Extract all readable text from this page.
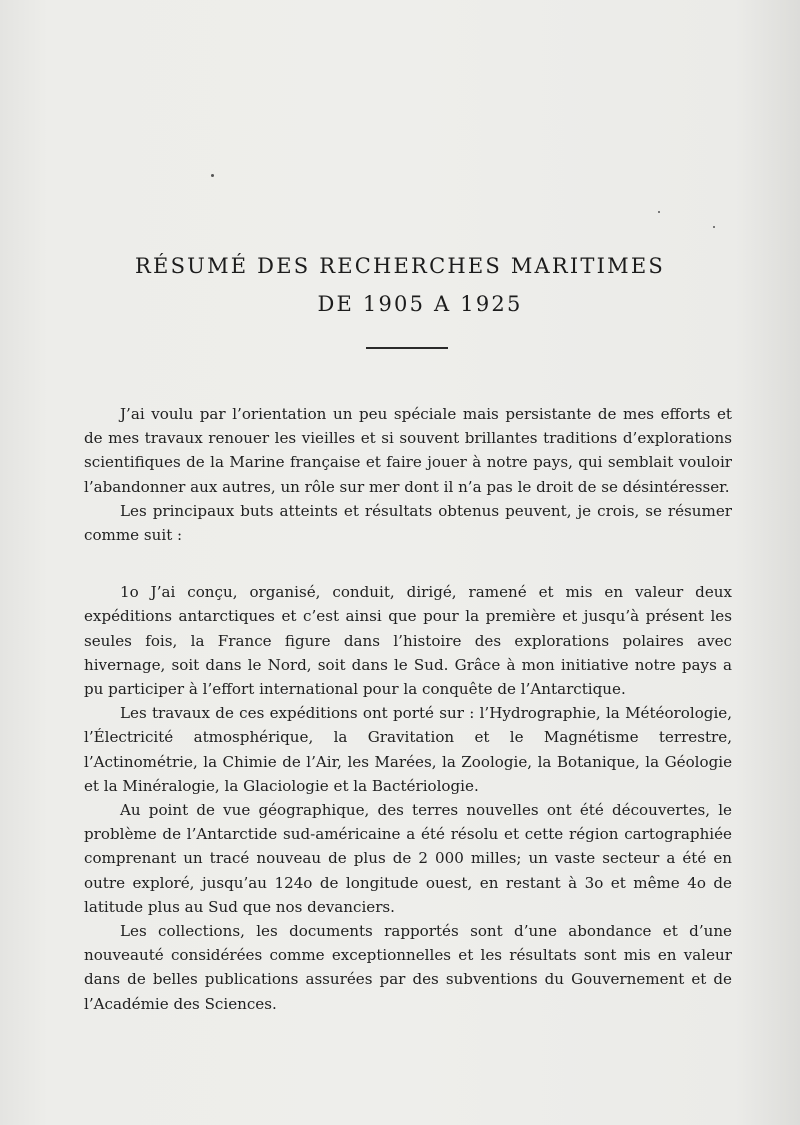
RÉSUMÉ DES RECHERCHES MARITIMES
DE 1905 A 1925

J’ai voulu par l’orientation un peu spéciale mais persistante de mes efforts et de mes travaux renouer les vieilles et si souvent brillantes traditions d’explorations scientifiques de la Marine française et faire jouer à notre pays, qui semblait vouloir l’abandonner aux autres, un rôle sur mer dont il n’a pas le droit de se désintéresser.

Les principaux buts atteints et résultats obtenus peuvent, je crois, se résumer comme suit :

1o J’ai conçu, organisé, conduit, dirigé, ramené et mis en valeur deux expéditions antarctiques et c’est ainsi que pour la première et jusqu’à présent les seules fois, la France figure dans l’histoire des explorations polaires avec hivernage, soit dans le Nord, soit dans le Sud. Grâce à mon initiative notre pays a pu participer à l’effort international pour la conquête de l’Antarctique.

Les travaux de ces expéditions ont porté sur : l’Hydrographie, la Météorologie, l’Électricité atmosphérique, la Gravitation et le Magnétisme terrestre, l’Actinométrie, la Chimie de l’Air, les Marées, la Zoologie, la Botanique, la Géologie et la Minéralogie, la Glaciologie et la Bactériologie.

Au point de vue géographique, des terres nouvelles ont été découvertes, le problème de l’Antarctide sud-américaine a été résolu et cette région cartographiée comprenant un tracé nouveau de plus de 2 000 milles; un vaste secteur a été en outre exploré, jusqu’au 124o de longitude ouest, en restant à 3o et même 4o de latitude plus au Sud que nos devanciers.

Les collections, les documents rapportés sont d’une abondance et d’une nouveauté considérées comme exceptionnelles et les résultats sont mis en valeur dans de belles publications assurées par des subventions du Gouvernement et de l’Académie des Sciences.
